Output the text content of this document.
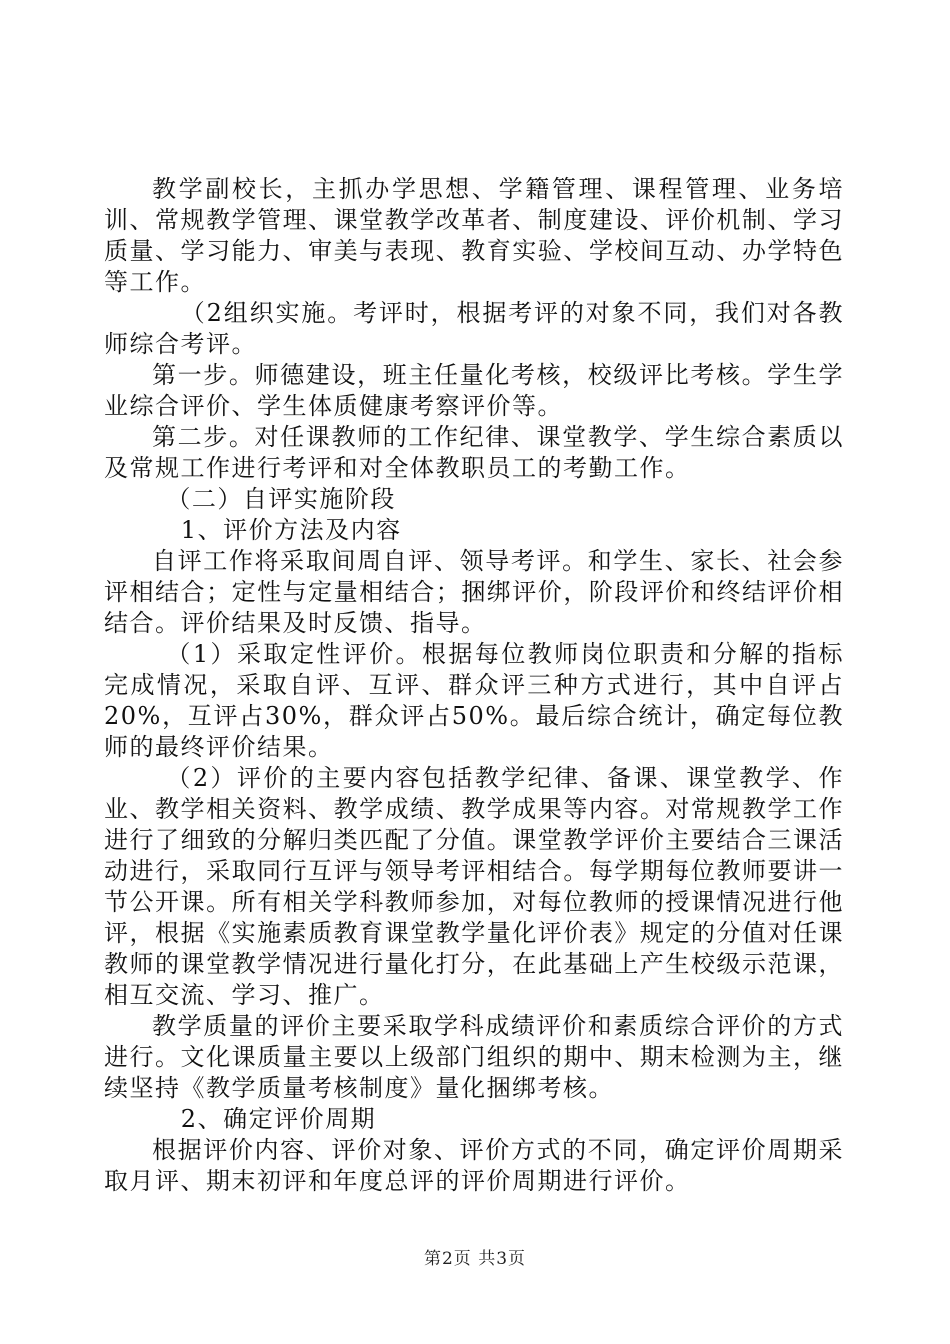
教学副校长，主抓办学思想、学籍管理、课程管理、业务培训、常规教学管理、课堂教学改革者、制度建设、评价机制、学习质量、学习能力、审美与表现、教育实验、学校间互动、办学特色等工作。

（2组织实施。考评时，根据考评的对象不同，我们对各教师综合考评。

第一步。师德建设，班主任量化考核，校级评比考核。学生学业综合评价、学生体质健康考察评价等。

第二步。对任课教师的工作纪律、课堂教学、学生综合素质以及常规工作进行考评和对全体教职员工的考勤工作。

（二）自评实施阶段

1、评价方法及内容

自评工作将采取间周自评、领导考评。和学生、家长、社会参评相结合；定性与定量相结合；捆绑评价，阶段评价和终结评价相结合。评价结果及时反馈、指导。

（1）采取定性评价。根据每位教师岗位职责和分解的指标完成情况，采取自评、互评、群众评三种方式进行，其中自评占20%，互评占30%，群众评占50%。最后综合统计，确定每位教师的最终评价结果。

（2）评价的主要内容包括教学纪律、备课、课堂教学、作业、教学相关资料、教学成绩、教学成果等内容。对常规教学工作进行了细致的分解归类匹配了分值。课堂教学评价主要结合三课活动进行，采取同行互评与领导考评相结合。每学期每位教师要讲一节公开课。所有相关学科教师参加，对每位教师的授课情况进行他评，根据《实施素质教育课堂教学量化评价表》规定的分值对任课教师的课堂教学情况进行量化打分，在此基础上产生校级示范课，相互交流、学习、推广。

教学质量的评价主要采取学科成绩评价和素质综合评价的方式进行。文化课质量主要以上级部门组织的期中、期末检测为主，继续坚持《教学质量考核制度》量化捆绑考核。

2、确定评价周期

根据评价内容、评价对象、评价方式的不同，确定评价周期采取月评、期末初评和年度总评的评价周期进行评价。

第2页 共3页
